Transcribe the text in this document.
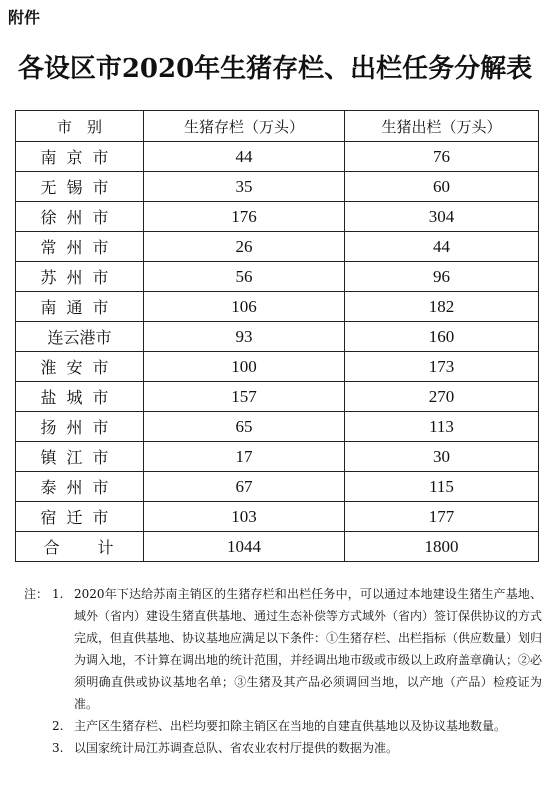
附件
各设区市2020年生猪存栏、出栏任务分解表
市　别	生猪存栏（万头）	生猪出栏（万头）
南京市	44	76
无锡市	35	60
徐州市	176	304
常州市	26	44
苏州市	56	96
南通市	106	182
连云港市	93	160
淮安市	100	173
盐城市	157	270
扬州市	65	113
镇江市	17	30
泰州市	67	115
宿迁市	103	177
合　　计	1044	1800
注： 1. 2020年下达给苏南主销区的生猪存栏和出栏任务中，可以通过本地建设生猪生产基地、域外（省内）建设生猪直供基地、通过生态补偿等方式域外（省内）签订保供协议的方式完成，但直供基地、协议基地应满足以下条件：①生猪存栏、出栏指标（供应数量）划归为调入地，不计算在调出地的统计范围，并经调出地市级或市级以上政府盖章确认；②必须明确直供或协议基地名单；③生猪及其产品必须调回当地，以产地（产品）检疫证为准。
2. 主产区生猪存栏、出栏均要扣除主销区在当地的自建直供基地以及协议基地数量。
3. 以国家统计局江苏调查总队、省农业农村厅提供的数据为准。
